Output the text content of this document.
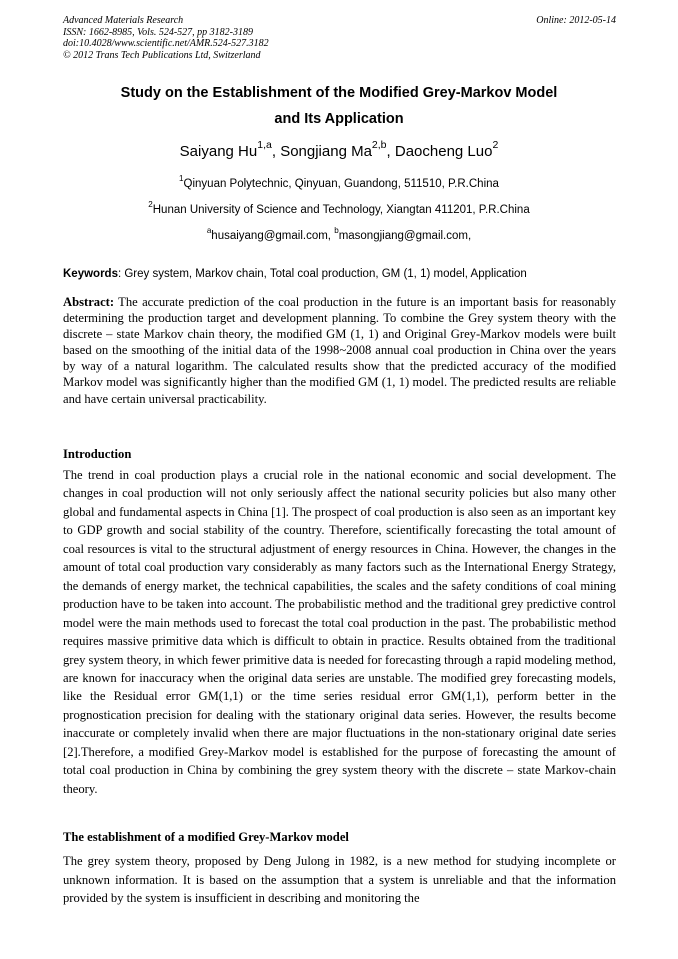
Advanced Materials Research
ISSN: 1662-8985, Vols. 524-527, pp 3182-3189
doi:10.4028/www.scientific.net/AMR.524-527.3182
© 2012 Trans Tech Publications Ltd, Switzerland
Online: 2012-05-14
Study on the Establishment of the Modified Grey-Markov Model
and Its Application
Saiyang Hu$^{1,a}$, Songjiang Ma$^{2,b}$, Daocheng Luo$^2$
$^1$Qinyuan Polytechnic, Qinyuan, Guandong, 511510, P.R.China
$^2$Hunan University of Science and Technology, Xiangtan 411201, P.R.China
$^a$husaiyang@gmail.com, $^b$masongjiang@gmail.com,
Keywords: Grey system, Markov chain, Total coal production, GM (1, 1) model, Application
Abstract: The accurate prediction of the coal production in the future is an important basis for reasonably determining the production target and development planning. To combine the Grey system theory with the discrete – state Markov chain theory, the modified GM (1, 1) and Original Grey-Markov models were built based on the smoothing of the initial data of the 1998~2008 annual coal production in China over the years by way of a natural logarithm. The calculated results show that the predicted accuracy of the modified Markov model was significantly higher than the modified GM (1, 1) model. The predicted results are reliable and have certain universal practicability.
Introduction
The trend in coal production plays a crucial role in the national economic and social development. The changes in coal production will not only seriously affect the national security policies but also many other global and fundamental aspects in China [1]. The prospect of coal production is also seen as an important key to GDP growth and social stability of the country. Therefore, scientifically forecasting the total amount of coal resources is vital to the structural adjustment of energy resources in China. However, the changes in the amount of total coal production vary considerably as many factors such as the International Energy Strategy, the demands of energy market, the technical capabilities, the scales and the safety conditions of coal mining production have to be taken into account. The probabilistic method and the traditional grey predictive control model were the main methods used to forecast the total coal production in the past. The probabilistic method requires massive primitive data which is difficult to obtain in practice. Results obtained from the traditional grey system theory, in which fewer primitive data is needed for forecasting through a rapid modeling method, are known for inaccuracy when the original data series are unstable. The modified grey forecasting models, like the Residual error GM(1,1) or the time series residual error GM(1,1), perform better in the prognostication precision for dealing with the stationary original data series. However, the results become inaccurate or completely invalid when there are major fluctuations in the non-stationary original date series [2].Therefore, a modified Grey-Markov model is established for the purpose of forecasting the amount of total coal production in China by combining the grey system theory with the discrete – state Markov-chain theory.
The establishment of a modified Grey-Markov model
The grey system theory, proposed by Deng Julong in 1982, is a new method for studying incomplete or unknown information. It is based on the assumption that a system is unreliable and that the information provided by the system is insufficient in describing and monitoring the
